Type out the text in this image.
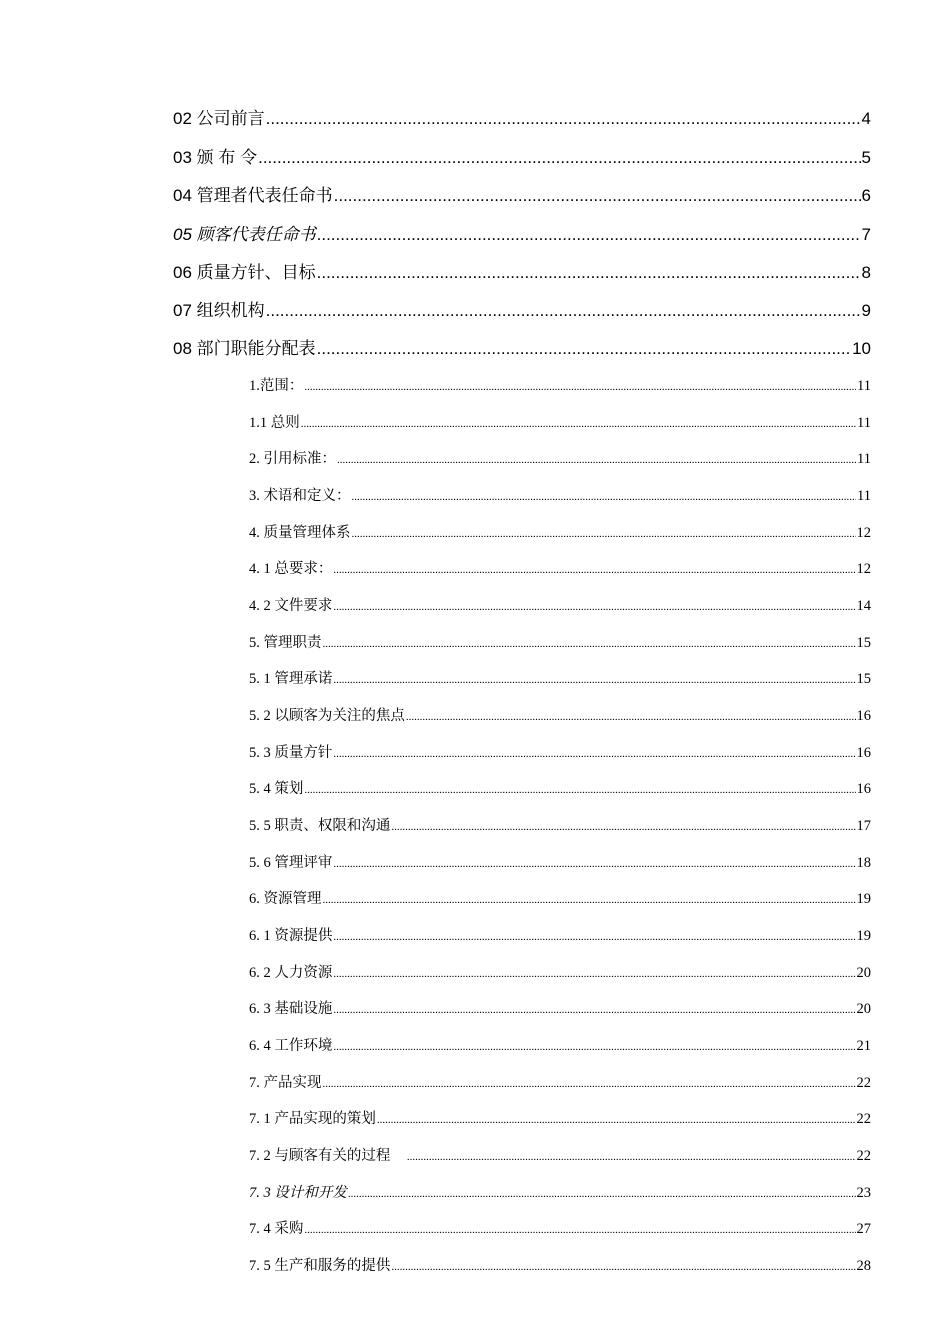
02 公司前言 .....	4
03 颁 布 令 .....	5
04 管理者代表任命书 .....	6
05 顾客代表任命书 .....	7
06 质量方针、目标 .....	8
07 组织机构 .....	9
08 部门职能分配表 .....	10
1.范围： .....	11
1.1 总则 .....	11
2. 引用标准： .....	11
3. 术语和定义： .....	11
4. 质量管理体系 .....	12
4. 1 总要求： .....	12
4. 2 文件要求 .....	14
5. 管理职责 .....	15
5. 1 管理承诺 .....	15
5. 2 以顾客为关注的焦点 .....	16
5. 3 质量方针 .....	16
5. 4 策划 .....	16
5. 5 职责、权限和沟通 .....	17
5. 6 管理评审 .....	18
6. 资源管理 .....	19
6. 1 资源提供 .....	19
6. 2 人力资源 .....	20
6. 3 基础设施 .....	20
6. 4 工作环境 .....	21
7. 产品实现 .....	22
7. 1 产品实现的策划 .....	22
7. 2 与顾客有关的过程 .....	22
7. 3 设计和开发 .....	23
7. 4 采购 .....	27
7. 5 生产和服务的提供 .....	28
